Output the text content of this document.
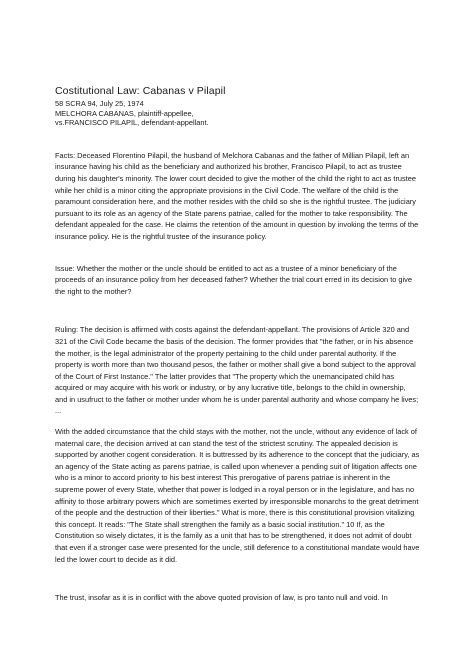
Costitutional Law: Cabanas v Pilapil

58 SCRA 94, July 25, 1974

MELCHORA CABANAS, plaintiff-appellee,

vs.FRANCISCO PILAPIL, defendant-appellant.

Facts: Deceased Florentino Pilapil, the husband of Melchora Cabanas and the father of Millian Pilapil, left an insurance having his child as the beneficiary and authorized his brother, Francisco Pilapil, to act as trustee during his daughter's minority. The lower court decided to give the mother of the child the right to act as trustee while her child is a minor citing the appropriate provisions in the Civil Code. The welfare of the child is the paramount consideration here, and the mother resides with the child so she is the rightful trustee. The judiciary pursuant to its role as an agency of the State parens patriae, called for the mother to take responsibility. The defendant appealed for the case. He claims the retention of the amount in question by invoking the terms of the insurance policy. He is the rightful trustee of the insurance policy.

Issue: Whether the mother or the uncle should be entitled to act as a trustee of a minor beneficiary of the proceeds of an insurance policy from her deceased father? Whether the trial court erred in its decision to give the right to the mother?

Ruling: The decision is affirmed with costs against the defendant-appellant. The provisions of Article 320 and 321 of the Civil Code became the basis of the decision. The former provides that "the father, or in his absence the mother, is the legal administrator of the property pertaining to the child under parental authority. If the property is worth more than two thousand pesos, the father or mother shall give a bond subject to the approval of the Court of First Instance." The latter provides that "The property which the unemancipated child has acquired or may acquire with his work or industry, or by any lucrative title, belongs to the child in ownership, and in usufruct to the father or mother under whom he is under parental authority and whose company he lives; ...

With the added circumstance that the child stays with the mother, not the uncle, without any evidence of lack of maternal care, the decision arrived at can stand the test of the strictest scrutiny. The appealed decision is supported by another cogent consideration. It is buttressed by its adherence to the concept that the judiciary, as an agency of the State acting as parens patriae, is called upon whenever a pending suit of litigation affects one who is a minor to accord priority to his best interest This prerogative of parens patriae is inherent in the supreme power of every State, whether that power is lodged in a royal person or in the legislature, and has no affinity to those arbitrary powers which are sometimes exerted by irresponsible monarchs to the great detriment of the people and the destruction of their liberties." What is more, there is this constitutional provision vitalizing this concept. It reads: "The State shall strengthen the family as a basic social institution." 10 If, as the Constitution so wisely dictates, it is the family as a unit that has to be strengthened, it does not admit of doubt that even if a stronger case were presented for the uncle, still deference to a constitutional mandate would have led the lower court to decide as it did.

The trust, insofar as it is in conflict with the above quoted provision of law, is pro tanto null and void. In
